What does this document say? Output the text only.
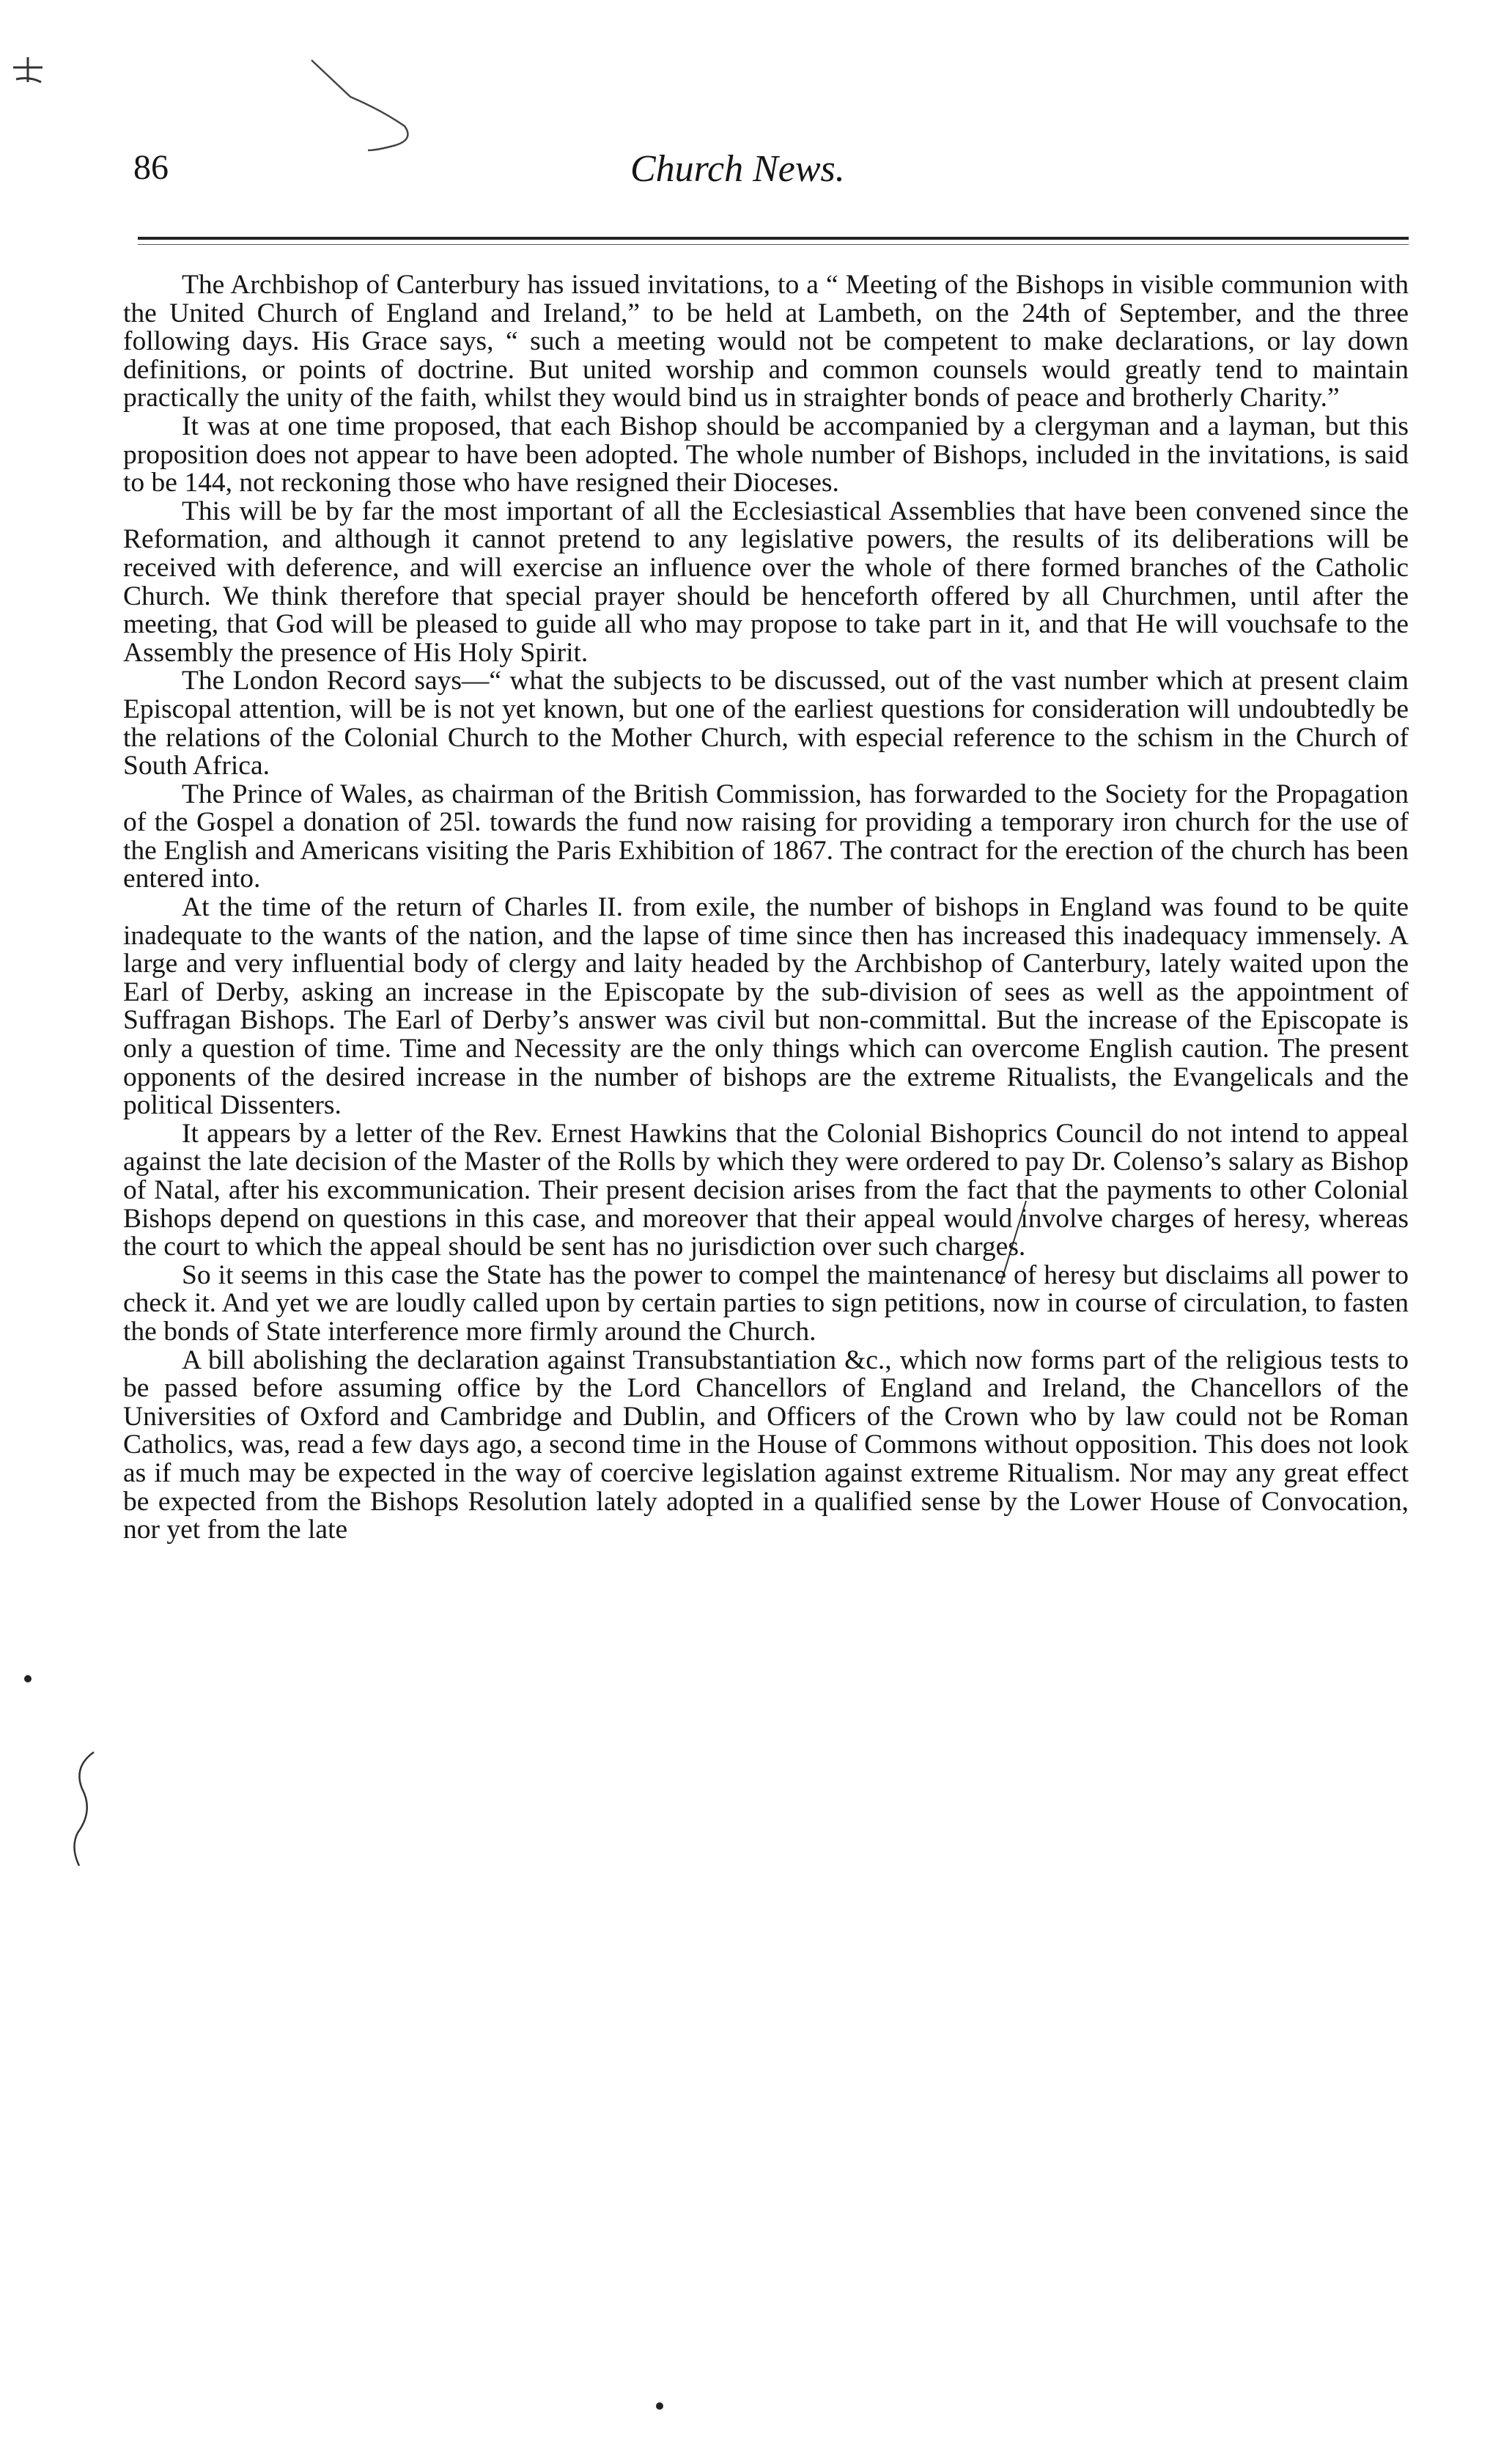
86	Church News.

The Archbishop of Canterbury has issued invitations, to a “ Meeting of the Bishops in visible communion with the United Church of England and Ireland,” to be held at Lambeth, on the 24th of September, and the three following days. His Grace says, “ such a meeting would not be competent to make declarations, or lay down definitions, or points of doctrine. But united worship and common counsels would greatly tend to maintain practically the unity of the faith, whilst they would bind us in straighter bonds of peace and brotherly Charity.”

It was at one time proposed, that each Bishop should be accompanied by a clergyman and a layman, but this proposition does not appear to have been adopted. The whole number of Bishops, included in the invitations, is said to be 144, not reckoning those who have resigned their Dioceses.

This will be by far the most important of all the Ecclesiastical Assemblies that have been convened since the Reformation, and although it cannot pretend to any legislative powers, the results of its deliberations will be received with deference, and will exercise an influence over the whole of there formed branches of the Catholic Church. We think therefore that special prayer should be henceforth offered by all Churchmen, until after the meeting, that God will be pleased to guide all who may propose to take part in it, and that He will vouchsafe to the Assembly the presence of His Holy Spirit.

The London Record says—“ what the subjects to be discussed, out of the vast number which at present claim Episcopal attention, will be is not yet known, but one of the earliest questions for consideration will undoubtedly be the relations of the Colonial Church to the Mother Church, with especial reference to the schism in the Church of South Africa.

The Prince of Wales, as chairman of the British Commission, has forwarded to the Society for the Propagation of the Gospel a donation of 25l. towards the fund now raising for providing a temporary iron church for the use of the English and Americans visiting the Paris Exhibition of 1867. The contract for the erection of the church has been entered into.

At the time of the return of Charles II. from exile, the number of bishops in England was found to be quite inadequate to the wants of the nation, and the lapse of time since then has increased this inadequacy immensely. A large and very influential body of clergy and laity headed by the Archbishop of Canterbury, lately waited upon the Earl of Derby, asking an increase in the Episcopate by the sub-division of sees as well as the appointment of Suffragan Bishops. The Earl of Derby’s answer was civil but non-committal. But the increase of the Episcopate is only a question of time. Time and Necessity are the only things which can overcome English caution. The present opponents of the desired increase in the number of bishops are the extreme Ritualists, the Evangelicals and the political Dissenters.

It appears by a letter of the Rev. Ernest Hawkins that the Colonial Bishoprics Council do not intend to appeal against the late decision of the Master of the Rolls by which they were ordered to pay Dr. Colenso’s salary as Bishop of Natal, after his excommunication. Their present decision arises from the fact that the payments to other Colonial Bishops depend on questions in this case, and moreover that their appeal would involve charges of heresy, whereas the court to which the appeal should be sent has no jurisdiction over such charges.

So it seems in this case the State has the power to compel the maintenance of heresy but disclaims all power to check it. And yet we are loudly called upon by certain parties to sign petitions, now in course of circulation, to fasten the bonds of State interference more firmly around the Church.

A bill abolishing the declaration against Transubstantiation &c., which now forms part of the religious tests to be passed before assuming office by the Lord Chancellors of England and Ireland, the Chancellors of the Universities of Oxford and Cambridge and Dublin, and Officers of the Crown who by law could not be Roman Catholics, was, read a few days ago, a second time in the House of Commons without opposition. This does not look as if much may be expected in the way of coercive legislation against extreme Ritualism. Nor may any great effect be expected from the Bishops Resolution lately adopted in a qualified sense by the Lower House of Convocation, nor yet from the late
